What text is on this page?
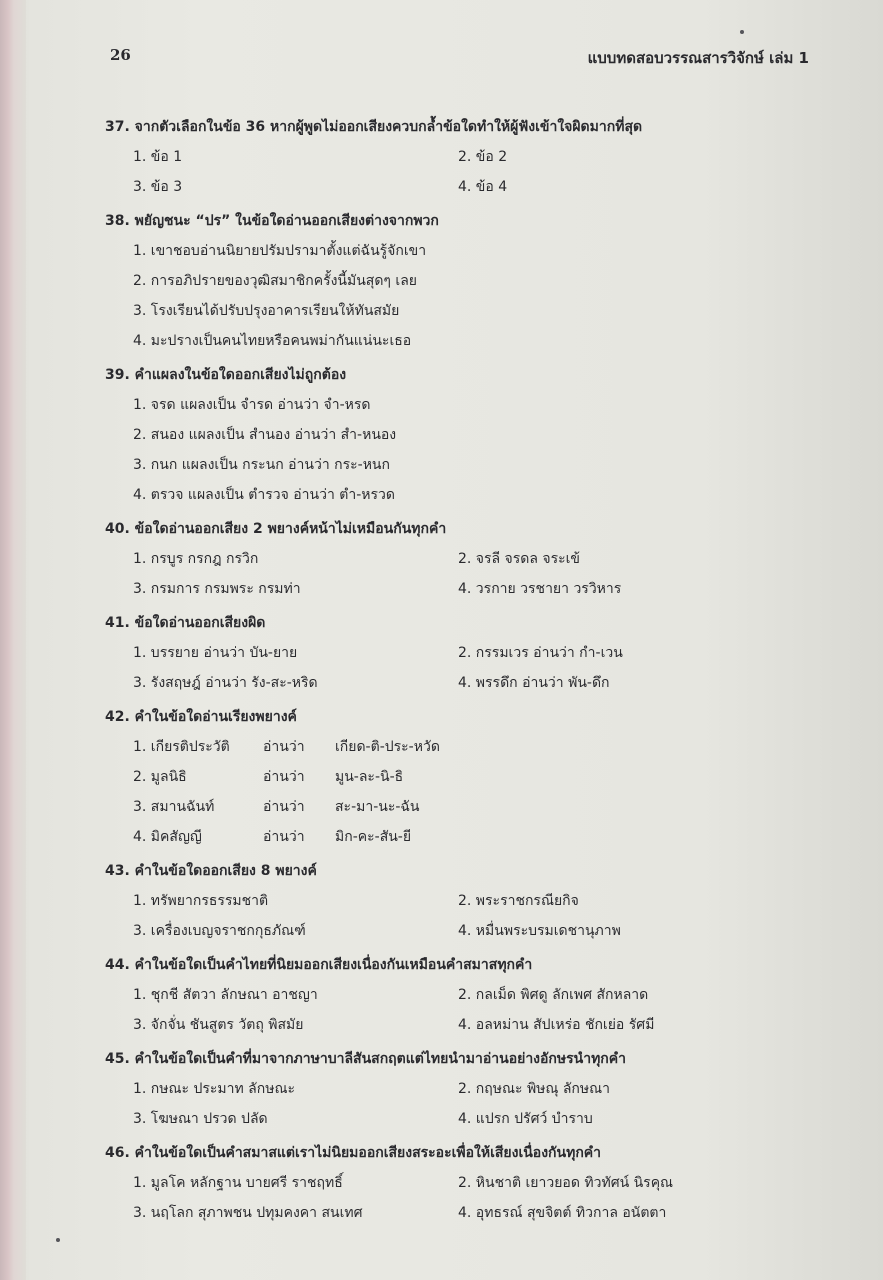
26	แบบทดสอบวรรณสารวิจักษ์ เล่ม 1
37. จากตัวเลือกในข้อ 36 หากผู้พูดไม่ออกเสียงควบกล้ำข้อใดทำให้ผู้ฟังเข้าใจผิดมากที่สุด
1. ข้อ 1	2. ข้อ 2
3. ข้อ 3	4. ข้อ 4
38. พยัญชนะ “ปร” ในข้อใดอ่านออกเสียงต่างจากพวก
1. เขาชอบอ่านนิยายปรัมปรามาตั้งแต่ฉันรู้จักเขา
2. การอภิปรายของวุฒิสมาชิกครั้งนี้มันสุดๆ เลย
3. โรงเรียนได้ปรับปรุงอาคารเรียนให้ทันสมัย
4. มะปรางเป็นคนไทยหรือคนพม่ากันแน่นะเธอ
39. คำแผลงในข้อใดออกเสียงไม่ถูกต้อง
1. จรด แผลงเป็น จำรด อ่านว่า จำ-หรด
2. สนอง แผลงเป็น สำนอง อ่านว่า สำ-หนอง
3. กนก แผลงเป็น กระนก อ่านว่า กระ-หนก
4. ตรวจ แผลงเป็น ตำรวจ อ่านว่า ตำ-หรวด
40. ข้อใดอ่านออกเสียง 2 พยางค์หน้าไม่เหมือนกันทุกคำ
1. กรบูร กรกฎ กรวิก	2. จรลี จรดล จระเข้
3. กรมการ กรมพระ กรมท่า	4. วรกาย วรชายา วรวิหาร
41. ข้อใดอ่านออกเสียงผิด
1. บรรยาย อ่านว่า บัน-ยาย	2. กรรมเวร อ่านว่า กำ-เวน
3. รังสฤษฎ์ อ่านว่า รัง-สะ-หริด	4. พรรดึก อ่านว่า พัน-ดึก
42. คำในข้อใดอ่านเรียงพยางค์
1. เกียรติประวัติ	อ่านว่า	เกียด-ติ-ประ-หวัด
2. มูลนิธิ	อ่านว่า	มูน-ละ-นิ-ธิ
3. สมานฉันท์	อ่านว่า	สะ-มา-นะ-ฉัน
4. มิคสัญญี	อ่านว่า	มิก-คะ-สัน-ยี
43. คำในข้อใดออกเสียง 8 พยางค์
1. ทรัพยากรธรรมชาติ	2. พระราชกรณียกิจ
3. เครื่องเบญจราชกกุธภัณฑ์	4. หมื่นพระบรมเดชานุภาพ
44. คำในข้อใดเป็นคำไทยที่นิยมออกเสียงเนื่องกันเหมือนคำสมาสทุกคำ
1. ชุกชี สัตวา ลักษณา อาชญา	2. กลเม็ด พิศดู ลักเพศ สักหลาด
3. จักจั่น ชันสูตร วัตถุ พิสมัย	4. อลหม่าน สัปเหร่อ ชักเย่อ รัศมี
45. คำในข้อใดเป็นคำที่มาจากภาษาบาลีสันสกฤตแต่ไทยนำมาอ่านอย่างอักษรนำทุกคำ
1. กษณะ ประมาท ลักษณะ	2. กฤษณะ พิษณุ ลักษณา
3. โฆษณา ปรวด ปลัด	4. แปรก ปรัศว์ บำราบ
46. คำในข้อใดเป็นคำสมาสแต่เราไม่นิยมออกเสียงสระอะเพื่อให้เสียงเนื่องกันทุกคำ
1. มูลโค หลักฐาน บายศรี ราชฤทธิ์	2. หินชาติ เยาวยอด ทิวทัศน์ นิรคุณ
3. นฤโลก สุภาพชน ปทุมคงคา สนเทศ	4. อุทธรณ์ สุขจิตต์ ทิวกาล อนัตตา
